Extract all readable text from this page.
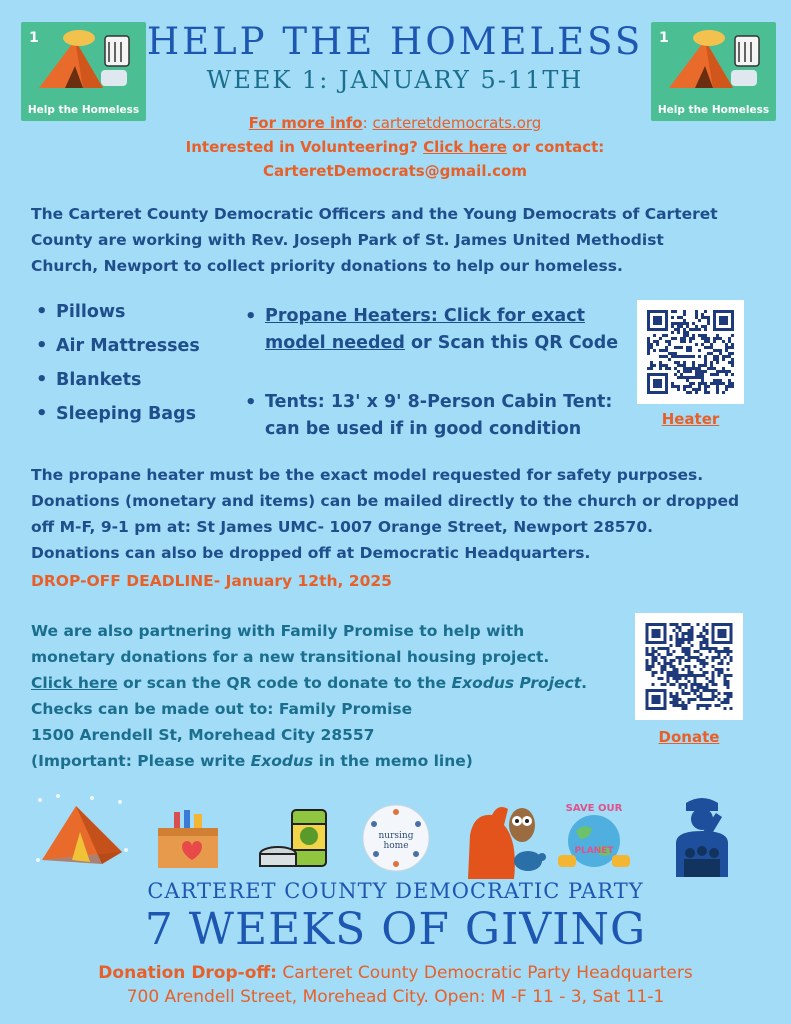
1
Help the Homeless
1
Help the Homeless
HELP THE HOMELESS
WEEK 1: JANUARY 5-11TH
For more info: carteretdemocrats.org
Interested in Volunteering? Click here or contact:
CarteretDemocrats@gmail.com
The Carteret County Democratic Officers and the Young Democrats of Carteret County are working with Rev. Joseph Park of St. James United Methodist Church, Newport to collect priority donations to help our homeless.
• Pillows
• Air Mattresses
• Blankets
• Sleeping Bags
• Propane Heaters: Click for exact model needed or Scan this QR Code
• Tents: 13' x 9' 8-Person Cabin Tent: can be used if in good condition	Heater
The propane heater must be the exact model requested for safety purposes.
Donations (monetary and items) can be mailed directly to the church or dropped off M-F, 9-1 pm at: St James UMC- 1007 Orange Street, Newport 28570.
Donations can also be dropped off at Democratic Headquarters.
DROP-OFF DEADLINE- January 12th, 2025
We are also partnering with Family Promise to help with monetary donations for a new transitional housing project.
Click here or scan the QR code to donate to the Exodus Project.
Checks can be made out to: Family Promise
1500 Arendell St, Morehead City 28557
(Important: Please write Exodus in the memo line)
Donate
nursing
home
SAVE OUR
PLANET
CARTERET COUNTY DEMOCRATIC PARTY
7 WEEKS OF GIVING
Donation Drop-off: Carteret County Democratic Party Headquarters
700 Arendell Street, Morehead City. Open: M -F 11 - 3, Sat 11-1
